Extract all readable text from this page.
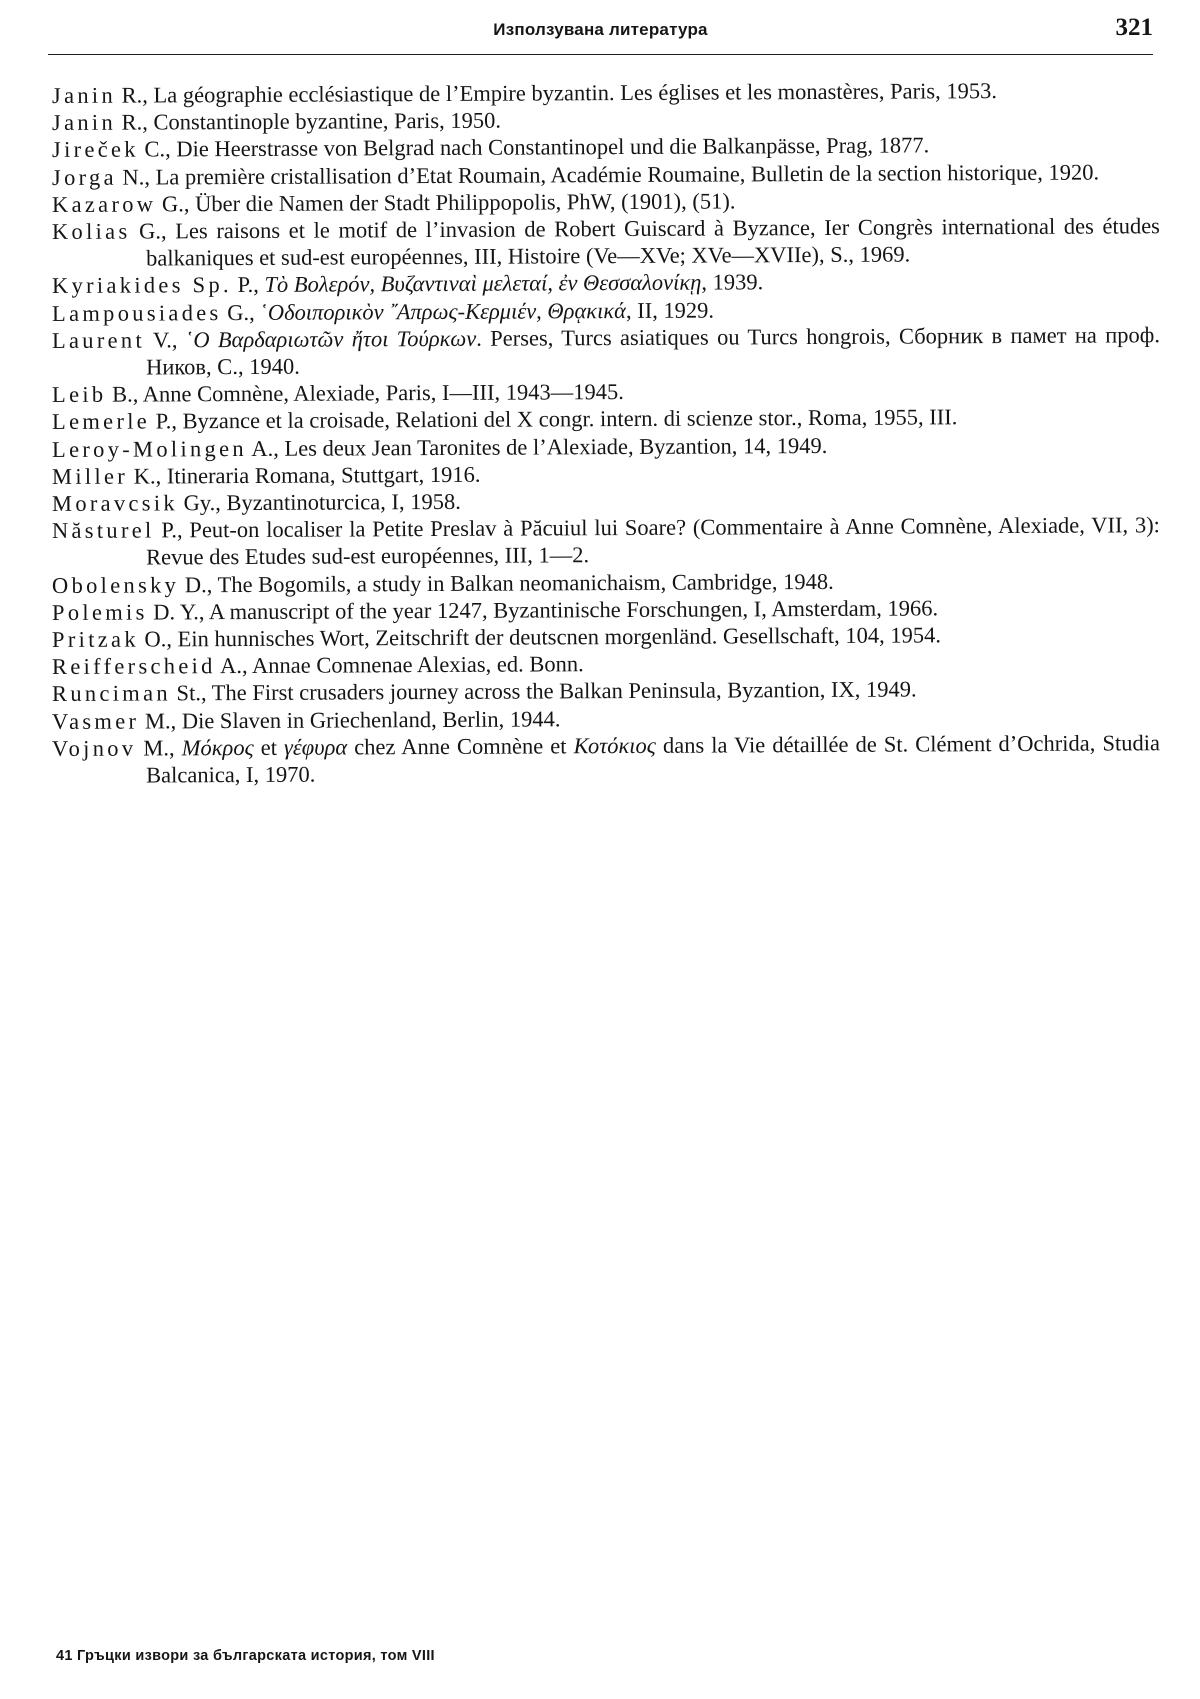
Използувана литература	321
Janin R., La géographie ecclésiastique de l’Empire byzantin. Les églises et les monastères, Paris, 1953.
Janin R., Constantinople byzantine, Paris, 1950.
Jireček C., Die Heerstrasse von Belgrad nach Constantinopel und die Balkanpässe, Prag, 1877.
Jorga N., La première cristallisation d’Etat Roumain, Académie Roumaine, Bulletin de la section historique, 1920.
Kazarow G., Über die Namen der Stadt Philippopolis, PhW, (1901), (51).
Kolias G., Les raisons et le motif de l’invasion de Robert Guiscard à Byzance, Ier Congrès international des études balkaniques et sud-est européennes, III, Histoire (Ve—XVe; XVe—XVIIe), S., 1969.
Kyriakides Sp. P., Τὸ Βολερόν, Βυζαντιναὶ μελεταί, ἐν Θεσσαλονίκῃ, 1939.
Lampousiades G., ῾Οδοιπορικὸν ῎Απρως-Κερμιέν, Θρᾳκικά, II, 1929.
Laurent V., ῾Ο Βαρδαριωτῶν ἤτοι Τούρκων. Perses, Turcs asiatiques ou Turcs hongrois, Сборник в памет на проф. Ников, С., 1940.
Leib B., Anne Comnène, Alexiade, Paris, I—III, 1943—1945.
Lemerle P., Byzance et la croisade, Relationi del X congr. intern. di scienze stor., Roma, 1955, III.
Leroy-Molingen A., Les deux Jean Taronites de l’Alexiade, Byzantion, 14, 1949.
Miller K., Itineraria Romana, Stuttgart, 1916.
Moravcsik Gy., Byzantinoturcica, I, 1958.
Năsturel P., Peut-on localiser la Petite Preslav à Păcuiul lui Soare? (Commentaire à Anne Comnène, Alexiade, VII, 3): Revue des Etudes sud-est européennes, III, 1—2.
Obolensky D., The Bogomils, a study in Balkan neomanichaism, Cambridge, 1948.
Polemis D. Y., A manuscript of the year 1247, Byzantinische Forschungen, I, Amsterdam, 1966.
Pritzak O., Ein hunnisches Wort, Zeitschrift der deutscnen morgenländ. Gesellschaft, 104, 1954.
Reifferscheid A., Annae Comnenae Alexias, ed. Bonn.
Runciman St., The First crusaders journey across the Balkan Peninsula, Byzantion, IX, 1949.
Vasmer M., Die Slaven in Griechenland, Berlin, 1944.
Vojnov M., Μόκρος et γέφυρα chez Anne Comnène et Κοτόκιος dans la Vie détaillée de St. Clément d’Ochrida, Studia Balcanica, I, 1970.
41 Гръцки извори за българската история, том VIII
